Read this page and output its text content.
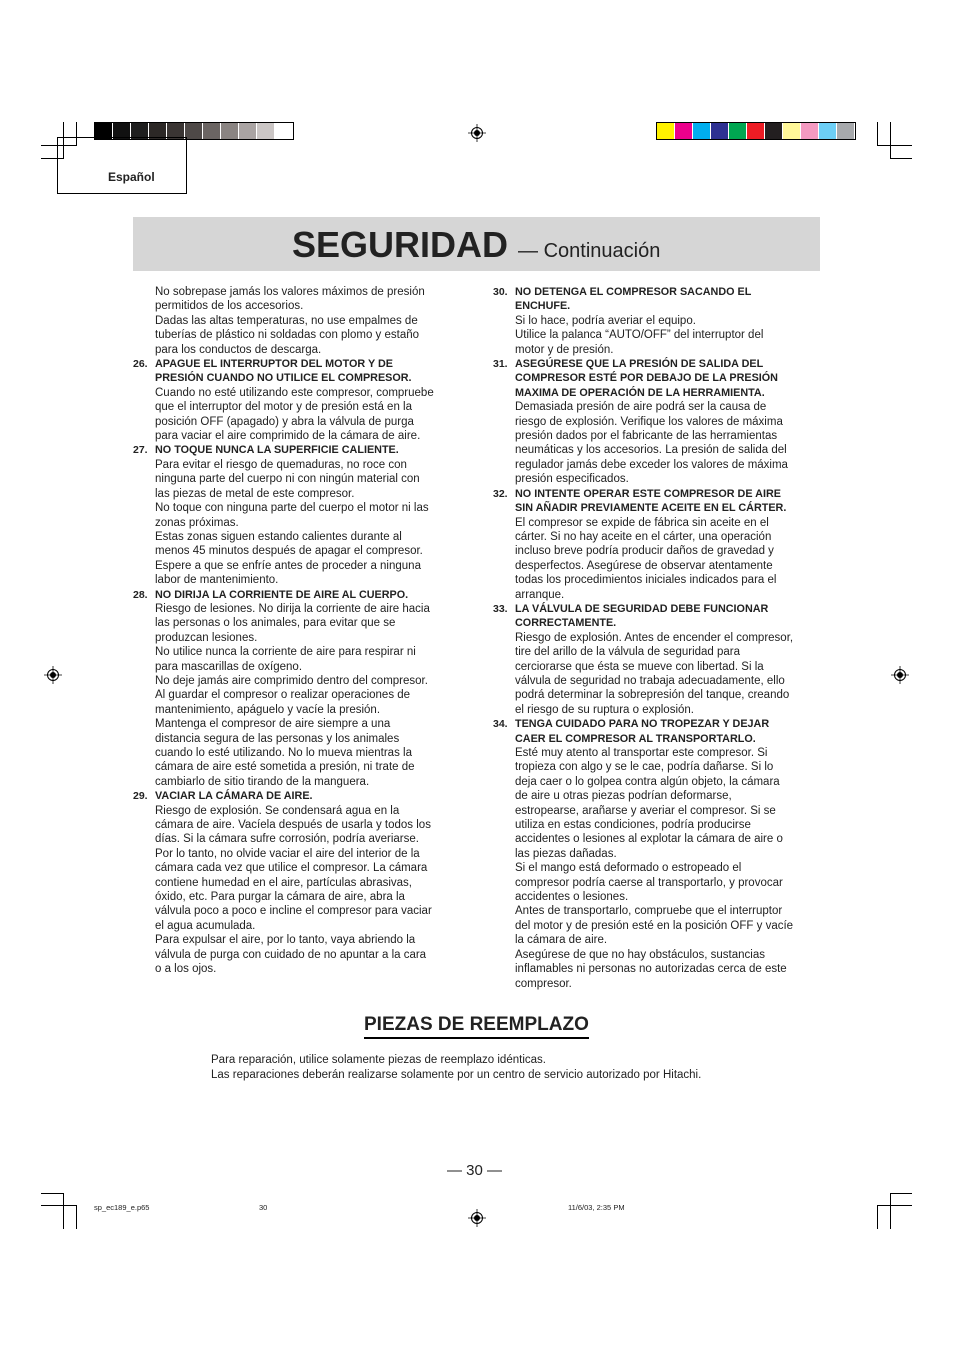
Español
SEGURIDAD — Continuación

No sobrepase jamás los valores máximos de presión

permitidos de los accesorios.

Dadas las altas temperaturas, no use empalmes de

tuberías de plástico ni soldadas con plomo y estaño

para los conductos de descarga.

26. APAGUE EL INTERRUPTOR DEL MOTOR Y DE

PRESIÓN CUANDO NO UTILICE EL COMPRESOR.

Cuando no esté utilizando este compresor, compruebe

que el interruptor del motor y de presión está en la

posición OFF (apagado) y abra la válvula de purga

para vaciar el aire comprimido de la cámara de aire.

27. NO TOQUE NUNCA LA SUPERFICIE CALIENTE.

Para evitar el riesgo de quemaduras, no roce con

ninguna parte del cuerpo ni con ningún material con

las piezas de metal de este compresor.

No toque con ninguna parte del cuerpo el motor ni las

zonas próximas.

Estas zonas siguen estando calientes durante al

menos 45 minutos después de apagar el compresor.

Espere a que se enfríe antes de proceder a ninguna

labor de mantenimiento.

28. NO DIRIJA LA CORRIENTE DE AIRE AL CUERPO.

Riesgo de lesiones. No dirija la corriente de aire hacia

las personas o los animales, para evitar que se

produzcan lesiones.

No utilice nunca la corriente de aire para respirar ni

para mascarillas de oxígeno.

No deje jamás aire comprimido dentro del compresor.

Al guardar el compresor o realizar operaciones de

mantenimiento, apáguelo y vacíe la presión.

Mantenga el compresor de aire siempre a una

distancia segura de las personas y los animales

cuando lo esté utilizando. No lo mueva mientras la

cámara de aire esté sometida a presión, ni trate de

cambiarlo de sitio tirando de la manguera.

29. VACIAR LA CÁMARA DE AIRE.

Riesgo de explosión. Se condensará agua en la

cámara de aire. Vacíela después de usarla y todos los

días. Si la cámara sufre corrosión, podría averiarse.

Por lo tanto, no olvide vaciar el aire del interior de la

cámara cada vez que utilice el compresor. La cámara

contiene humedad en el aire, partículas abrasivas,

óxido, etc. Para purgar la cámara de aire, abra la

válvula poco a poco e incline el compresor para vaciar

el agua acumulada.

Para expulsar el aire, por lo tanto, vaya abriendo la

válvula de purga con cuidado de no apuntar a la cara

o a los ojos.

30. NO DETENGA EL COMPRESOR SACANDO EL

ENCHUFE.

Si lo hace, podría averiar el equipo.

Utilice la palanca “AUTO/OFF” del interruptor del

motor y de presión.

31. ASEGÚRESE QUE LA PRESIÓN DE SALIDA DEL

COMPRESOR ESTÉ POR DEBAJO DE LA PRESIÓN

MAXIMA DE OPERACIÓN DE LA HERRAMIENTA.

Demasiada presión de aire podrá ser la causa de

riesgo de explosión. Verifique los valores de máxima

presión dados por el fabricante de las herramientas

neumáticas y los accesorios. La presión de salida del

regulador jamás debe exceder los valores de máxima

presión especificados.

32. NO INTENTE OPERAR ESTE COMPRESOR DE AIRE

SIN AÑADIR PREVIAMENTE ACEITE EN EL CÁRTER.

El compresor se expide de fábrica sin aceite en el

cárter. Si no hay aceite en el cárter, una operación

incluso breve podría producir daños de gravedad y

desperfectos. Asegúrese de observar atentamente

todas los procedimientos iniciales indicados para el

arranque.

33. LA VÁLVULA DE SEGURIDAD DEBE FUNCIONAR

CORRECTAMENTE.

Riesgo de explosión. Antes de encender el compresor,

tire del arillo de la válvula de seguridad para

cerciorarse que ésta se mueve con libertad. Si la

válvula de seguridad no trabaja adecuadamente, ello

podrá determinar la sobrepresión del tanque, creando

el riesgo de su ruptura o explosión.

34. TENGA CUIDADO PARA NO TROPEZAR Y DEJAR

CAER EL COMPRESOR AL TRANSPORTARLO.

Esté muy atento al transportar este compresor. Si

tropieza con algo y se le cae, podría dañarse. Si lo

deja caer o lo golpea contra algún objeto, la cámara

de aire u otras piezas podrían deformarse,

estropearse, arañarse y averiar el compresor. Si se

utiliza en estas condiciones, podría producirse

accidentes o lesiones al explotar la cámara de aire o

las piezas dañadas.

Si el mango está deformado o estropeado el

compresor podría caerse al transportarlo, y provocar

accidentes o lesiones.

Antes de transportarlo, compruebe que el interruptor

del motor y de presión esté en la posición OFF y vacíe

la cámara de aire.

Asegúrese de que no hay obstáculos, sustancias

inflamables ni personas no autorizadas cerca de este

compresor.

PIEZAS DE REEMPLAZO
Para reparación, utilice solamente piezas de reemplazo idénticas.
Las reparaciones deberán realizarse solamente por un centro de servicio autorizado por Hitachi.
— 30 —
sp_ec189_e.p65	30	11/6/03, 2:35 PM
